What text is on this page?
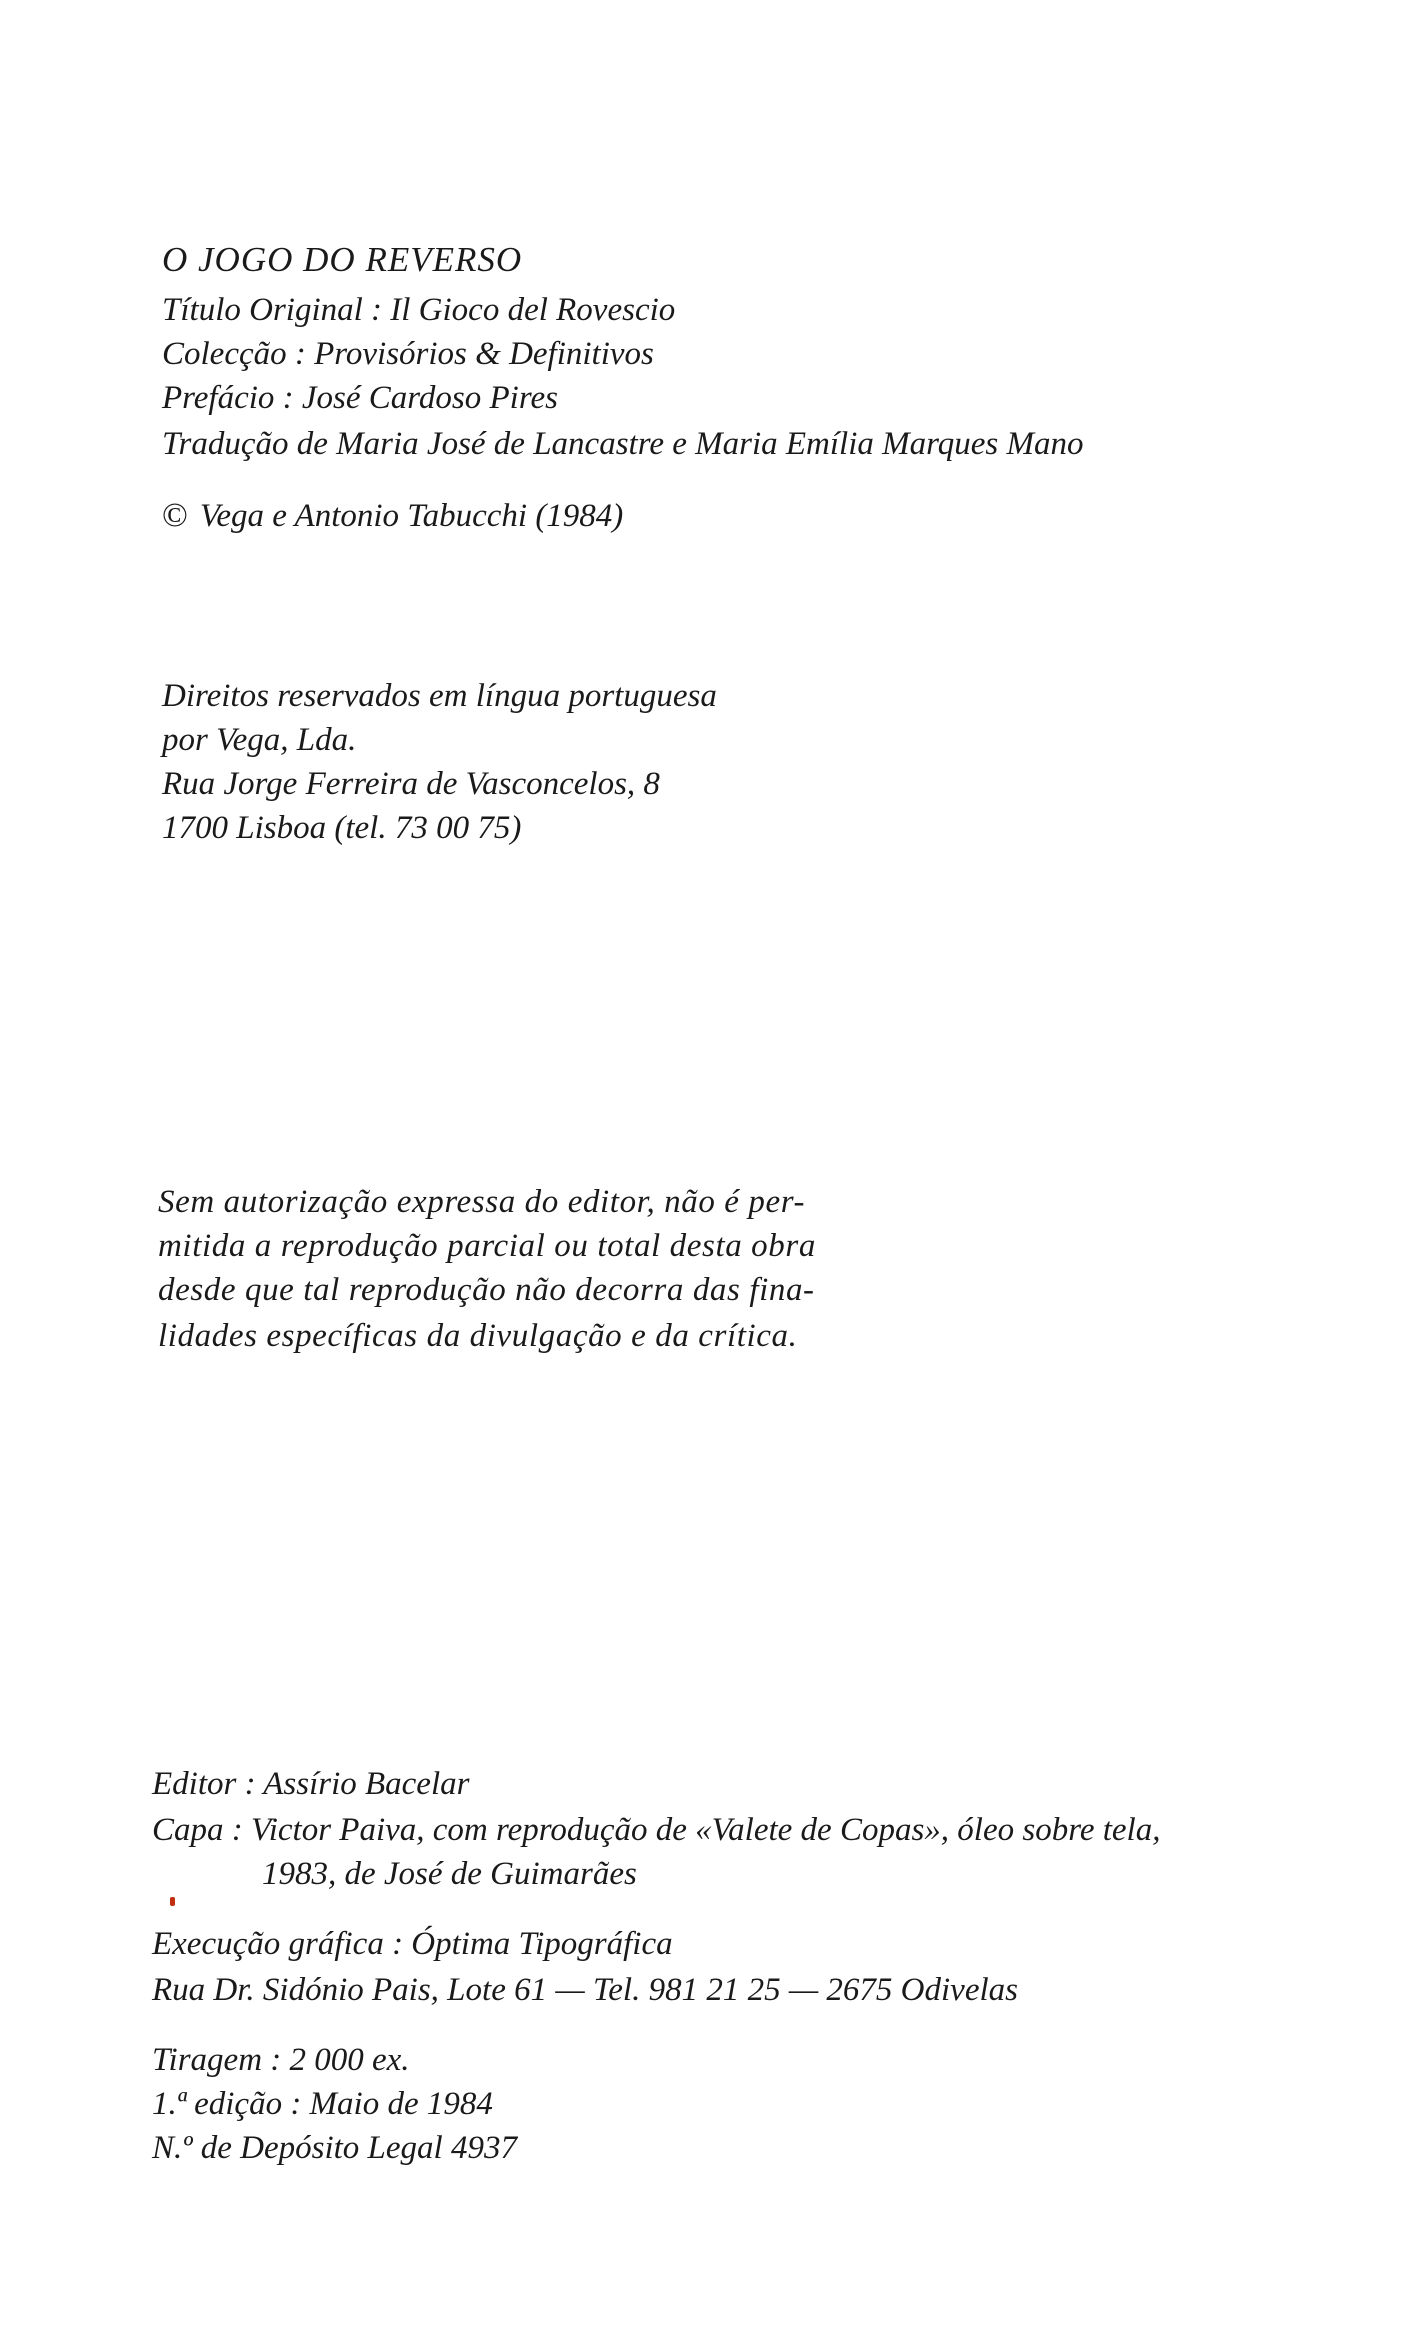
O JOGO DO REVERSO
Título Original : Il Gioco del Rovescio
Colecção : Provisórios & Definitivos
Prefácio : José Cardoso Pires
Tradução de Maria José de Lancastre e Maria Emília Marques Mano
© Vega e Antonio Tabucchi (1984)
Direitos reservados em língua portuguesa
por Vega, Lda.
Rua Jorge Ferreira de Vasconcelos, 8
1700 Lisboa (tel. 73 00 75)
Sem autorização expressa do editor, não é per-
mitida a reprodução parcial ou total desta obra
desde que tal reprodução não decorra das fina-
lidades específicas da divulgação e da crítica.
Editor : Assírio Bacelar
Capa : Victor Paiva, com reprodução de «Valete de Copas», óleo sobre tela,
1983, de José de Guimarães
Execução gráfica : Óptima Tipográfica
Rua Dr. Sidónio Pais, Lote 61 — Tel. 981 21 25 — 2675 Odivelas
Tiragem : 2 000 ex.
1.ª edição : Maio de 1984
N.º de Depósito Legal 4937
